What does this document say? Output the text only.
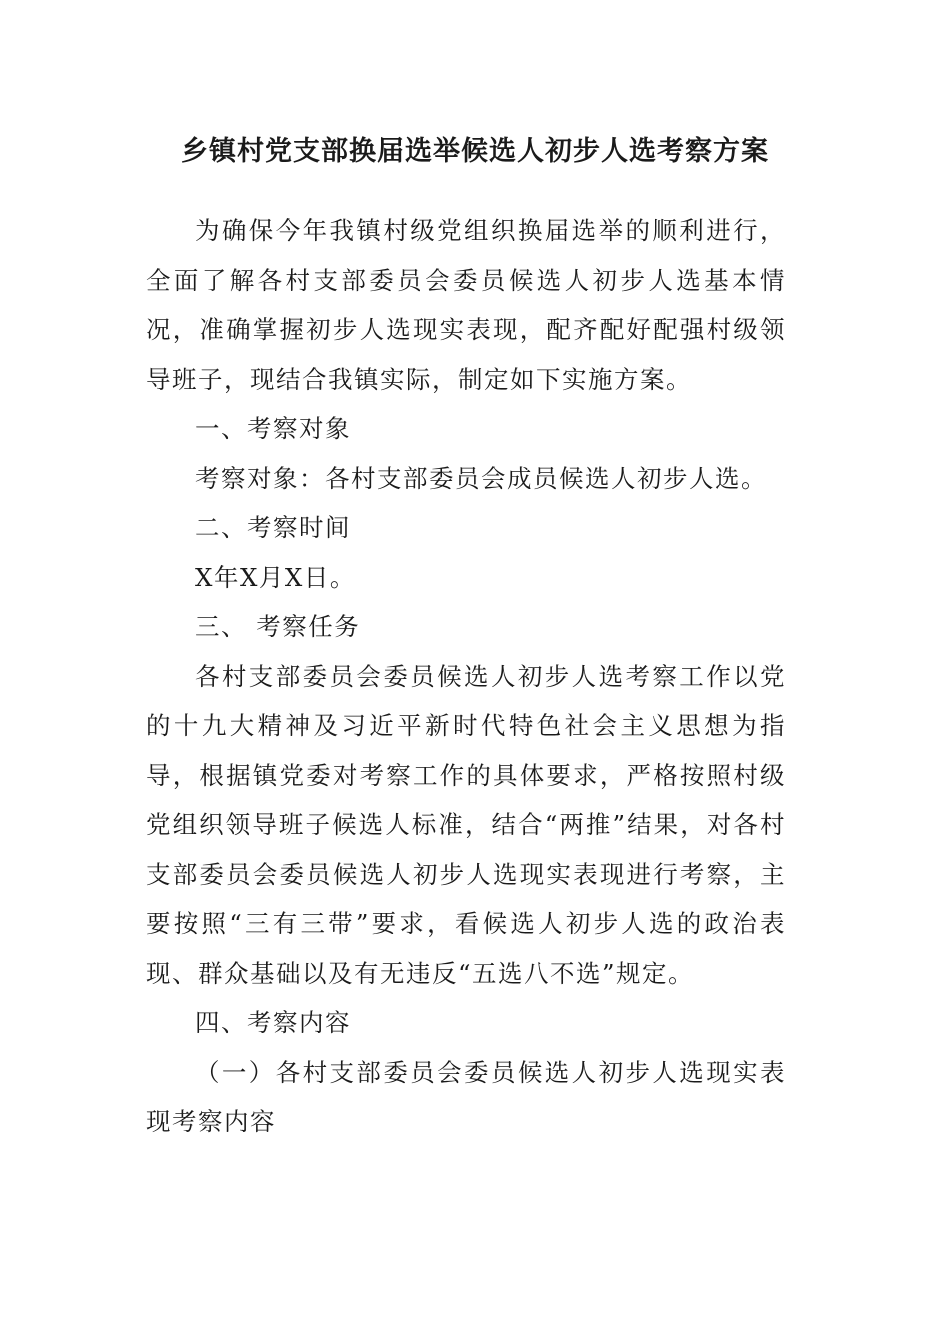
乡镇村党支部换届选举候选人初步人选考察方案

为确保今年我镇村级党组织换届选举的顺利进行，全面了解各村支部委员会委员候选人初步人选基本情况，准确掌握初步人选现实表现，配齐配好配强村级领导班子，现结合我镇实际，制定如下实施方案。

一、考察对象

考察对象：各村支部委员会成员候选人初步人选。

二、考察时间

X年X月X日。

三、 考察任务

各村支部委员会委员候选人初步人选考察工作以党的十九大精神及习近平新时代特色社会主义思想为指导，根据镇党委对考察工作的具体要求，严格按照村级党组织领导班子候选人标准，结合“两推”结果，对各村支部委员会委员候选人初步人选现实表现进行考察，主要按照“三有三带”要求，看候选人初步人选的政治表现、群众基础以及有无违反“五选八不选”规定。

四、考察内容

（一）各村支部委员会委员候选人初步人选现实表现考察内容
